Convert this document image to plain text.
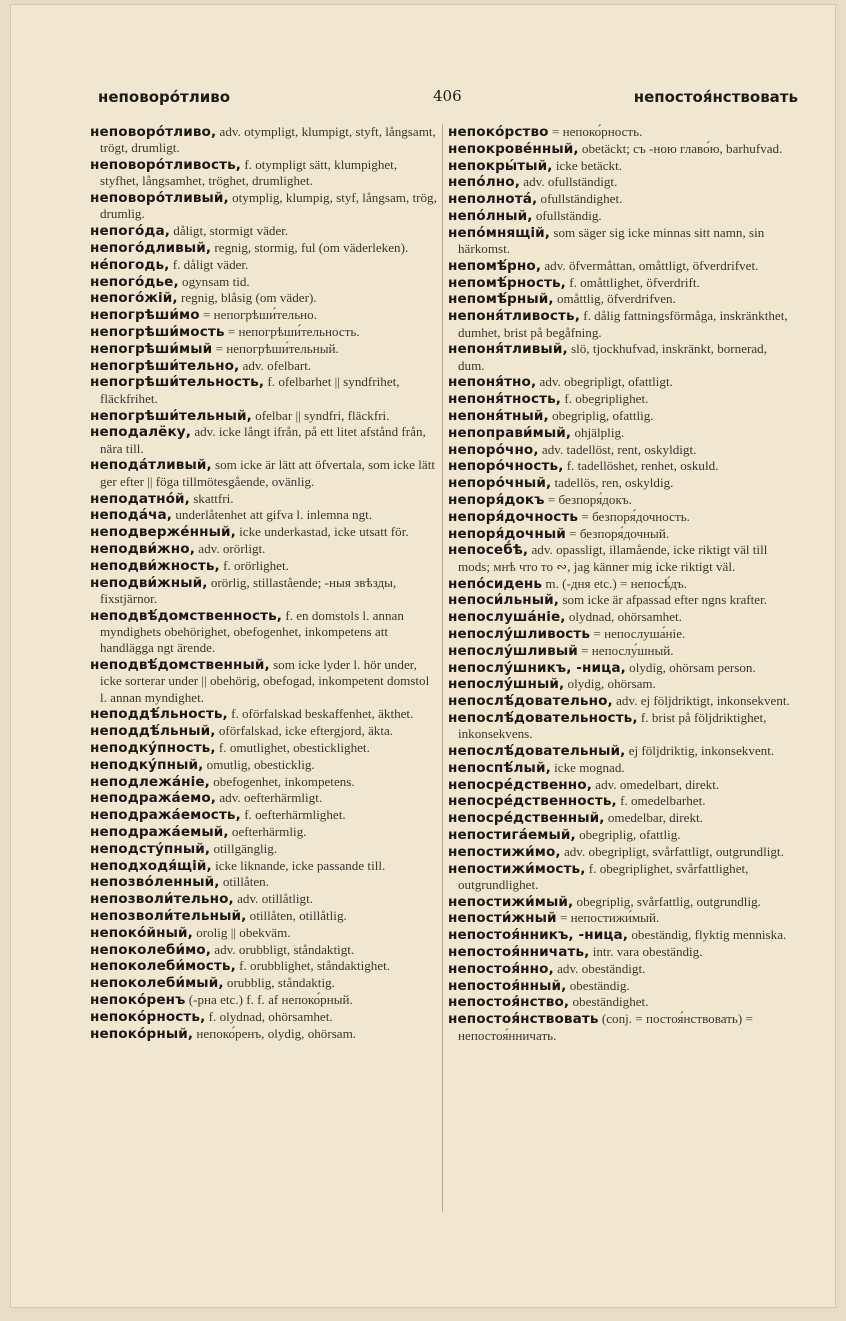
неповоро́тливо	406	непостоя́нствовать
неповоро́тливо, adv. otympligt, klumpigt, styft, långsamt, trögt, drumligt.
неповоро́тливость, f. otympligt sätt, klumpighet, styfhet, långsamhet, tröghet, drumlighet.
неповоро́тливый, otymplig, klumpig, styf, långsam, trög, drumlig.
непого́да, dåligt, stormigt väder.
непого́дливый, regnig, stormig, ful (om väderleken).
не́погодь, f. dåligt väder.
непого́дье, ogynsam tid.
непого́жій, regnig, blåsig (om väder).
непогрѣши́мо = непогрѣши́тельно.
непогрѣши́мость = непогрѣши́тельность.
непогрѣши́мый = непогрѣши́тельный.
непогрѣши́тельно, adv. ofelbart.
непогрѣши́тельность, f. ofelbarhet || syndfrihet, fläckfrihet.
непогрѣши́тельный, ofelbar || syndfri, fläckfri.
неподалёку, adv. icke långt ifrån, på ett litet afstånd från, nära till.
непода́тливый, som icke är lätt att öfvertala, som icke lätt ger efter || föga tillmötesgående, ovänlig.
неподатно́й, skattfri.
непода́ча, underlåtenhet att gifva l. inlemna ngt.
неподверже́нный, icke underkastad, icke utsatt för.
неподви́жно, adv. orörligt.
неподви́жность, f. orörlighet.
неподви́жный, orörlig, stillastående; -ныя звѣзды, fixstjärnor.
неподвѣ́домственность, f. en domstols l. annan myndighets obehörighet, obefogenhet, inkompetens att handlägga ngt ärende.
неподвѣ́домственный, som icke lyder l. hör under, icke sorterar under || obehörig, obefogad, inkompetent domstol l. annan myndighet.
неподдѣ́льность, f. oförfalskad beskaffenhet, äkthet.
неподдѣ́льный, oförfalskad, icke eftergjord, äkta.
неподку́пность, f. omutlighet, obesticklighet.
неподку́пный, omutlig, obesticklig.
неподлежа́ніе, obefogenhet, inkompetens.
неподража́емо, adv. oefterhärmligt.
неподража́емость, f. oefterhärmlighet.
неподража́емый, oefterhärmlig.
неподсту́пный, otillgänglig.
неподходя́щій, icke liknande, icke passande till.
непозво́ленный, otillåten.
непозволи́тельно, adv. otillåtligt.
непозволи́тельный, otillåten, otillåtlig.
непоко́йный, orolig || obekväm.
непоколеби́мо, adv. orubbligt, ståndaktigt.
непоколеби́мость, f. orubblighet, ståndaktighet.
непоколеби́мый, orubblig, ståndaktig.
непоко́ренъ (-рна etc.) f. f. af непоко́рный.
непоко́рность, f. olydnad, ohörsamhet.
непоко́рный, непоко́ренъ, olydig, ohörsam.
непоко́рство = непоко́рность.
непокрове́нный, obetäckt; съ -ною главо́ю, barhufvad.
непокры́тый, icke betäckt.
непо́лно, adv. ofullständigt.
неполнота́, ofullständighet.
непо́лный, ofullständig.
непо́мнящій, som säger sig icke minnas sitt namn, sin härkomst.
непомѣ́рно, adv. öfvermåttan, omåttligt, öfverdrifvet.
непомѣ́рность, f. omåttlighet, öfverdrift.
непомѣ́рный, omåttlig, öfverdrifven.
непоня́тливость, f. dålig fattningsförmåga, inskränkthet, dumhet, brist på begåfning.
непоня́тливый, slö, tjockhufvad, inskränkt, bornerad, dum.
непоня́тно, adv. obegripligt, ofattligt.
непоня́тность, f. obegriplighet.
непоня́тный, obegriplig, ofattlig.
непоправи́мый, ohjälplig.
непоро́чно, adv. tadellöst, rent, oskyldigt.
непоро́чность, f. tadellöshet, renhet, oskuld.
непоро́чный, tadellös, ren, oskyldig.
непоря́докъ = безпоря́докъ.
непоря́дочность = безпоря́дочность.
непоря́дочный = безпоря́дочный.
непосеб́ѣ, adv. opassligt, illamående, icke riktigt väl till mods; мнѣ что то ∾, jag känner mig icke riktigt väl.
непо́сидень m. (-дня etc.) = непосѣ́дъ.
непоси́льный, som icke är afpassad efter ngns krafter.
непослуша́ніе, olydnad, ohörsamhet.
непослу́шливость = непослуша́ніе.
непослу́шливый = непослу́шный.
непослу́шникъ, -ница, olydig, ohörsam person.
непослу́шный, olydig, ohörsam.
непослѣ́довательно, adv. ej följdriktigt, inkonsekvent.
непослѣ́довательность, f. brist på följdriktighet, inkonsekvens.
непослѣ́довательный, ej följdriktig, inkonsekvent.
непоспѣ́лый, icke mognad.
непосре́дственно, adv. omedelbart, direkt.
непосре́дственность, f. omedelbarhet.
непосре́дственный, omedelbar, direkt.
непостига́емый, obegriplig, ofattlig.
непостижи́мо, adv. obegripligt, svårfattligt, outgrundligt.
непостижи́мость, f. obegriplighet, svårfattlighet, outgrundlighet.
непостижи́мый, obegriplig, svårfattlig, outgrundlig.
непости́жный = непостижи́мый.
непостоя́нникъ, -ница, obeständig, flyktig menniska.
непостоя́нничать, intr. vara obeständig.
непостоя́нно, adv. obeständigt.
непостоя́нный, obeständig.
непостоя́нство, obeständighet.
непостоя́нствовать (conj. = постоя́нствовать) = непостоя́нничать.
